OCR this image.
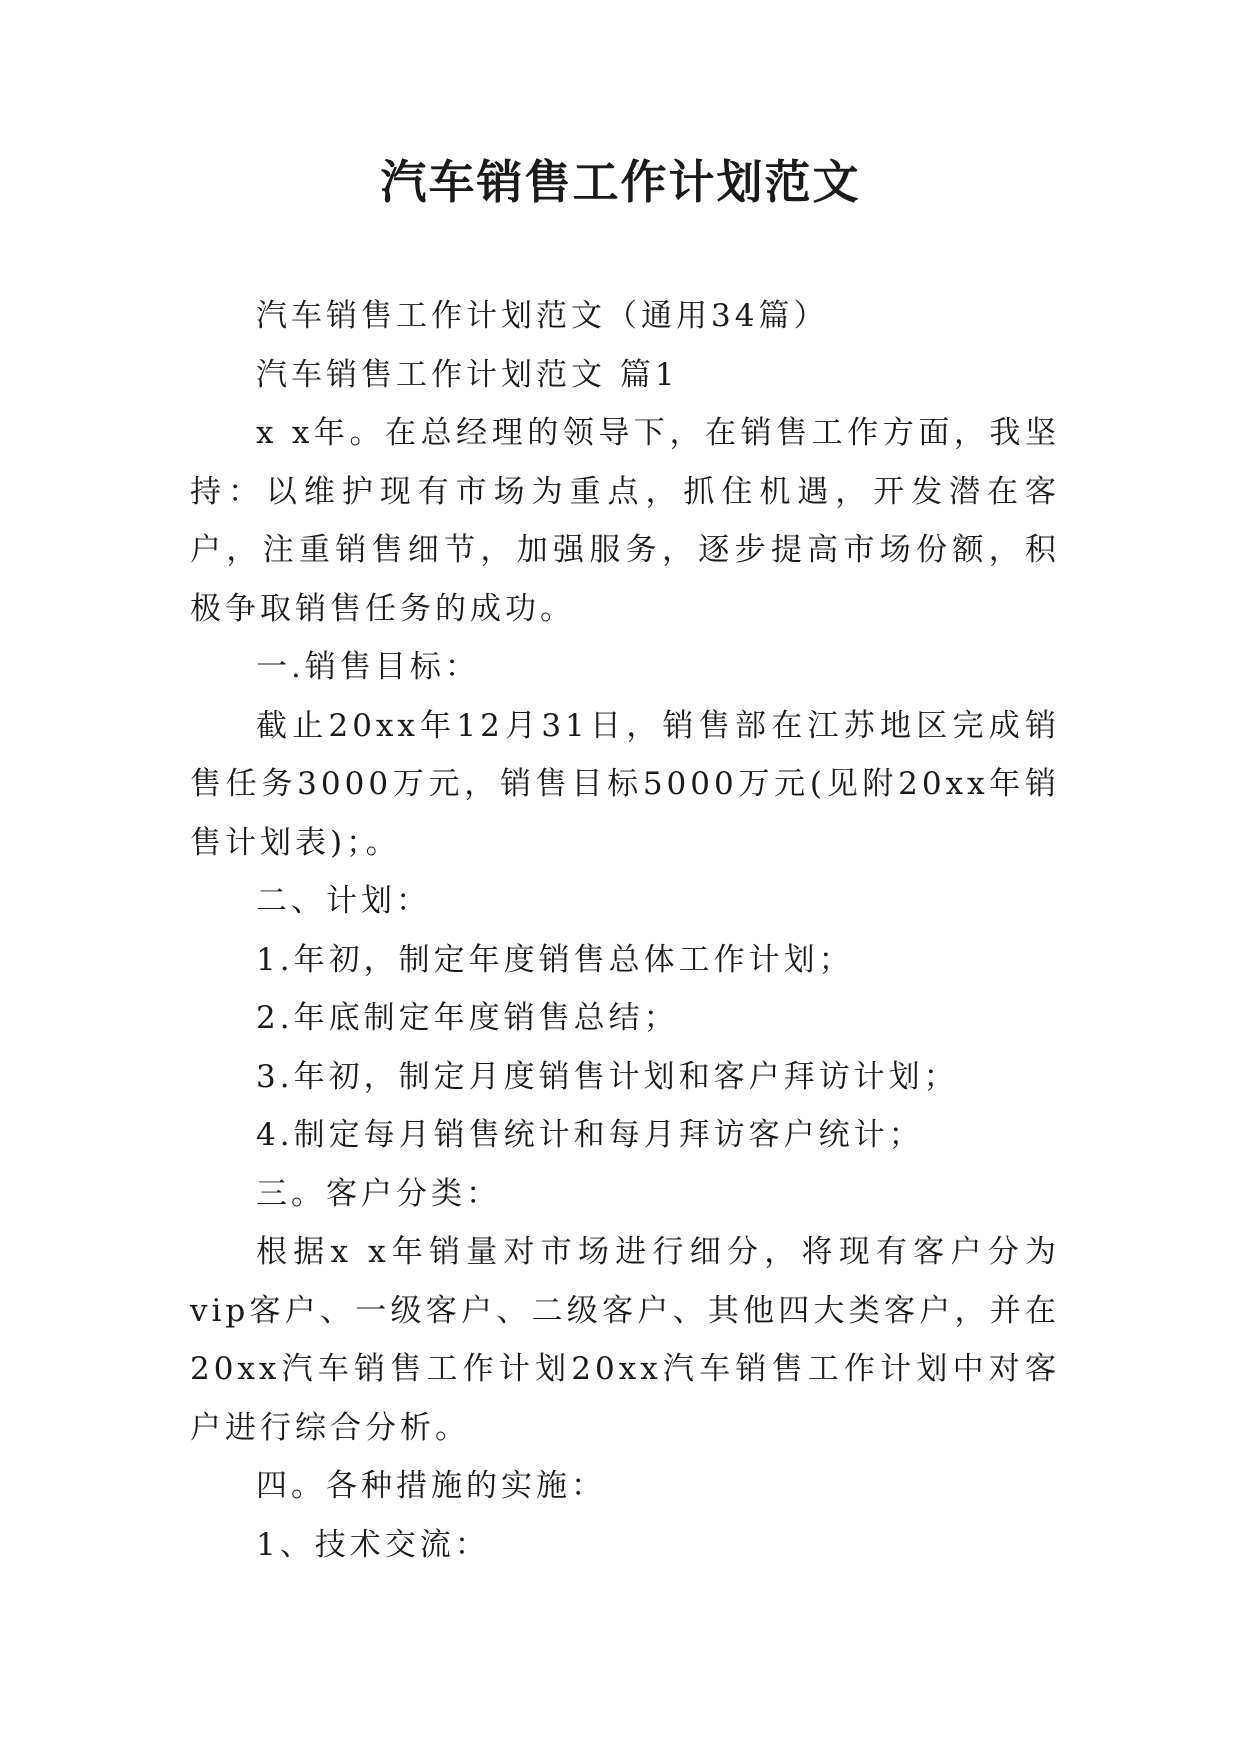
汽车销售工作计划范文

汽车销售工作计划范文（通用34篇）

汽车销售工作计划范文 篇1

x x年。在总经理的领导下，在销售工作方面，我坚持：以维护现有市场为重点，抓住机遇，开发潜在客户，注重销售细节，加强服务，逐步提高市场份额，积极争取销售任务的成功。

一.销售目标：

截止20xx年12月31日，销售部在江苏地区完成销售任务3000万元，销售目标5000万元(见附20xx年销售计划表)；。

二、计划：

1.年初，制定年度销售总体工作计划；

2.年底制定年度销售总结；

3.年初，制定月度销售计划和客户拜访计划；

4.制定每月销售统计和每月拜访客户统计；

三。客户分类：

根据x x年销量对市场进行细分，将现有客户分为vip客户、一级客户、二级客户、其他四大类客户，并在20xx汽车销售工作计划20xx汽车销售工作计划中对客户进行综合分析。

四。各种措施的实施：

1、技术交流：
